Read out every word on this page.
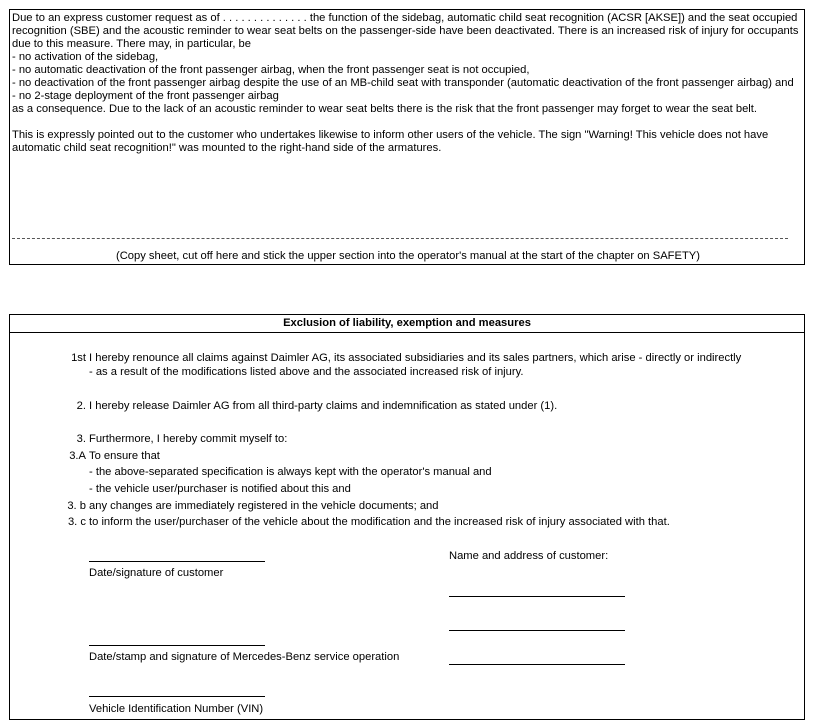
Due to an express customer request as of . . . . . . . . . . . . . . the function of the sidebag, automatic child seat recognition (ACSR [AKSE]) and the seat occupied recognition (SBE) and the acoustic reminder to wear seat belts on the passenger-side have been deactivated. There is an increased risk of injury for occupants due to this measure. There may, in particular, be
- no activation of the sidebag,
- no automatic deactivation of the front passenger airbag, when the front passenger seat is not occupied,
- no deactivation of the front passenger airbag despite the use of an MB-child seat with transponder (automatic deactivation of the front passenger airbag) and
- no 2-stage deployment of the front passenger airbag
as a consequence. Due to the lack of an acoustic reminder to wear seat belts there is the risk that the front passenger may forget to wear the seat belt.
This is expressly pointed out to the customer who undertakes likewise to inform other users of the vehicle. The sign "Warning! This vehicle does not have automatic child seat recognition!" was mounted to the right-hand side of the armatures.
(Copy sheet, cut off here and stick the upper section into the operator's manual at the start of the chapter on SAFETY)
Exclusion of liability, exemption and measures
1st I hereby renounce all claims against Daimler AG, its associated subsidiaries and its sales partners, which arise - directly or indirectly
- as a result of the modifications listed above and the associated increased risk of injury.
2. I hereby release Daimler AG from all third-party claims and indemnification as stated under (1).
3. Furthermore, I hereby commit myself to:
3.A To ensure that
- the above-separated specification is always kept with the operator's manual and
- the vehicle user/purchaser is notified about this and
3. b any changes are immediately registered in the vehicle documents; and
3. c to inform the user/purchaser of the vehicle about the modification and the increased risk of injury associated with that.
Date/signature of customer
Date/stamp and signature of Mercedes-Benz service operation
Vehicle Identification Number (VIN)
Name and address of customer:
